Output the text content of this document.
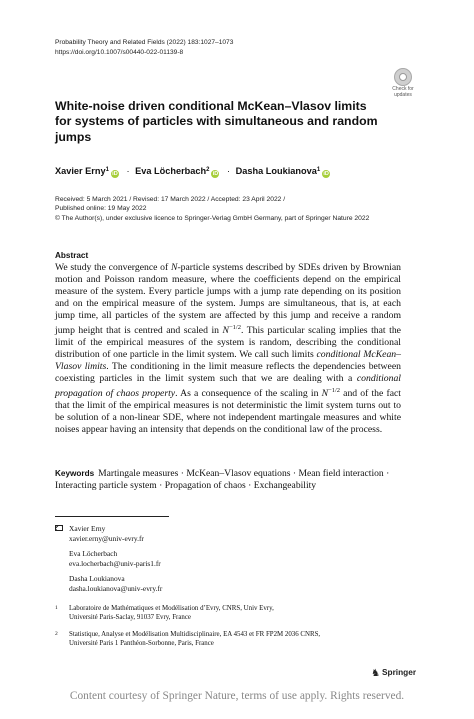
Probability Theory and Related Fields (2022) 183:1027–1073
https://doi.org/10.1007/s00440-022-01139-8
Check for
updates
White-noise driven conditional McKean–Vlasov limits for systems of particles with simultaneous and random jumps
Xavier Erny$^1$iD · Eva Löcherbach$^2$iD · Dasha Loukianova$^1$iD
Received: 5 March 2021 / Revised: 17 March 2022 / Accepted: 23 April 2022 /
Published online: 19 May 2022
© The Author(s), under exclusive licence to Springer-Verlag GmbH Germany, part of Springer Nature 2022
Abstract

We study the convergence of N-particle systems described by SDEs driven by Brownian motion and Poisson random measure, where the coefficients depend on the empirical measure of the system. Every particle jumps with a jump rate depending on its position and on the empirical measure of the system. Jumps are simultaneous, that is, at each jump time, all particles of the system are affected by this jump and receive a random jump height that is centred and scaled in $N^{-1/2}$. This particular scaling implies that the limit of the empirical measures of the system is random, describing the conditional distribution of one particle in the limit system. We call such limits conditional McKean–Vlasov limits. The conditioning in the limit measure reflects the dependencies between coexisting particles in the limit system such that we are dealing with a conditional propagation of chaos property. As a consequence of the scaling in $N^{-1/2}$ and of the fact that the limit of the empirical measures is not deterministic the limit system turns out to be solution of a non-linear SDE, where not independent martingale measures and white noises appear having an intensity that depends on the conditional law of the process.

Keywords Martingale measures · McKean–Vlasov equations · Mean field interaction · Interacting particle system · Propagation of chaos · Exchangeability

Xavier Erny
xavier.erny@univ-evry.fr
Eva Löcherbach
eva.locherbach@univ-paris1.fr
Dasha Loukianova
dasha.loukianova@univ-evry.fr
1 Laboratoire de Mathématiques et Modélisation d’Evry, CNRS, Univ Evry,
Université Paris-Saclay, 91037 Evry, France
2 Statistique, Analyse et Modélisation Multidisciplinaire, EA 4543 et FR FP2M 2036 CNRS,
Université Paris 1 Panthéon-Sorbonne, Paris, France
♞ Springer
Content courtesy of Springer Nature, terms of use apply. Rights reserved.
